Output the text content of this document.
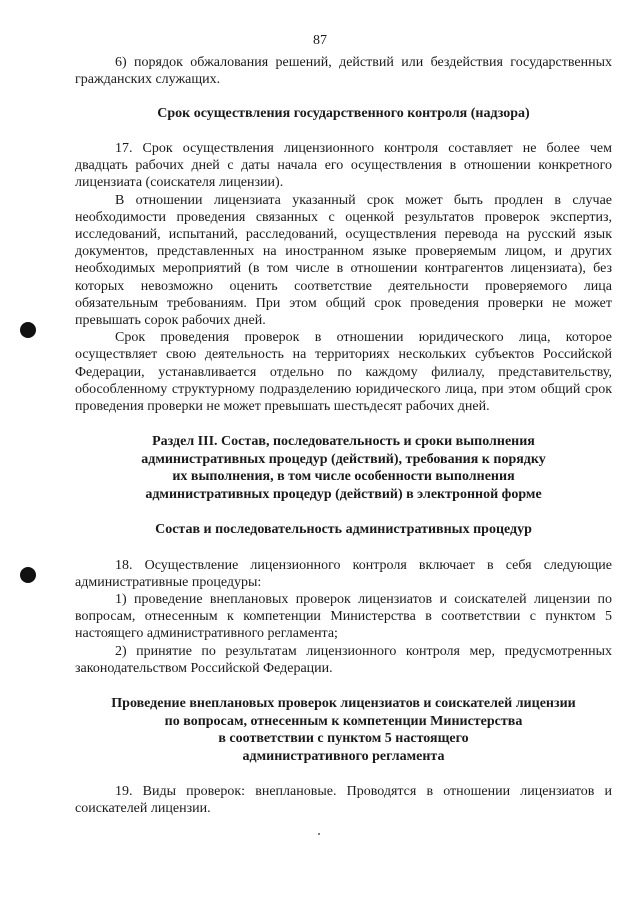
87

6) порядок обжалования решений, действий или бездействия государственных гражданских служащих.

Срок осуществления государственного контроля (надзора)

17. Срок осуществления лицензионного контроля составляет не более чем двадцать рабочих дней с даты начала его осуществления в отношении конкретного лицензиата (соискателя лицензии).

В отношении лицензиата указанный срок может быть продлен в случае необходимости проведения связанных с оценкой результатов проверок экспертиз, исследований, испытаний, расследований, осуществления перевода на русский язык документов, представленных на иностранном языке проверяемым лицом, и других необходимых мероприятий (в том числе в отношении контрагентов лицензиата), без которых невозможно оценить соответствие деятельности проверяемого лица обязательным требованиям. При этом общий срок проведения проверки не может превышать сорок рабочих дней.

Срок проведения проверок в отношении юридического лица, которое осуществляет свою деятельность на территориях нескольких субъектов Российской Федерации, устанавливается отдельно по каждому филиалу, представительству, обособленному структурному подразделению юридического лица, при этом общий срок проведения проверки не может превышать шестьдесят рабочих дней.

Раздел III. Состав, последовательность и сроки выполнения

административных процедур (действий), требования к порядку

их выполнения, в том числе особенности выполнения

административных процедур (действий) в электронной форме

Состав и последовательность административных процедур

18. Осуществление лицензионного контроля включает в себя следующие административные процедуры:

1) проведение внеплановых проверок лицензиатов и соискателей лицензии по вопросам, отнесенным к компетенции Министерства в соответствии с пунктом 5 настоящего административного регламента;

2) принятие по результатам лицензионного контроля мер, предусмотренных законодательством Российской Федерации.

Проведение внеплановых проверок лицензиатов и соискателей лицензии

по вопросам, отнесенным к компетенции Министерства

в соответствии с пунктом 5 настоящего

административного регламента

19. Виды проверок: внеплановые. Проводятся в отношении лицензиатов и соискателей лицензии.
